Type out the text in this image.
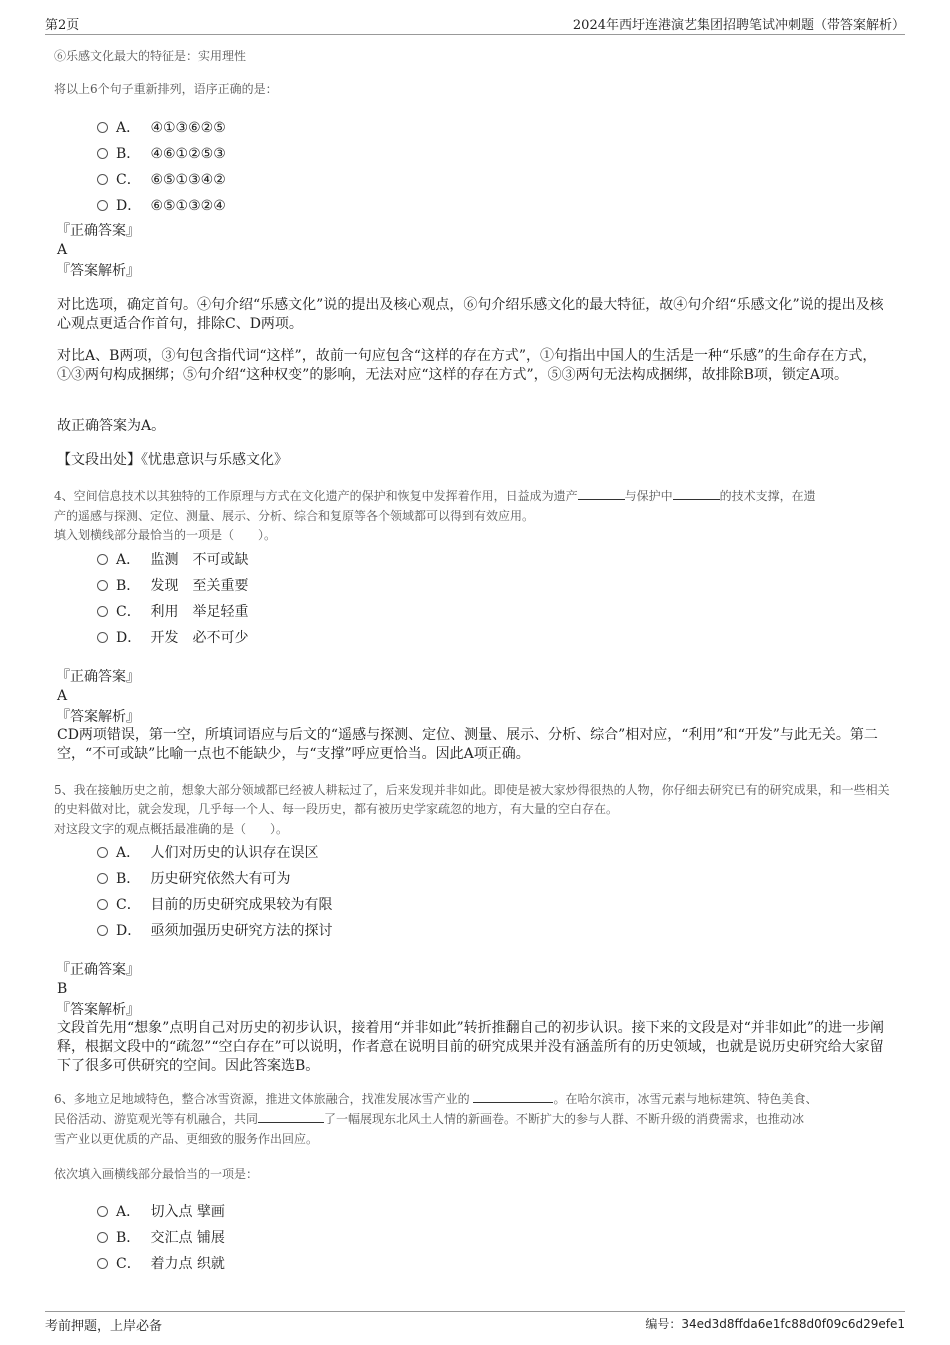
第2页	2024年西圩连港演艺集团招聘笔试冲刺题（带答案解析）
⑥乐感文化最大的特征是：实用理性
将以上6个句子重新排列，语序正确的是：
A． ④①③⑥②⑤
B． ④⑥①②⑤③
C． ⑥⑤①③④②
D． ⑥⑤①③②④
『正确答案』
A
『答案解析』
对比选项，确定首句。④句介绍“乐感文化”说的提出及核心观点，⑥句介绍乐感文化的最大特征，故④句介绍“乐感文化”说的提出及核心观点更适合作首句，排除C、D两项。
对比A、B两项，③句包含指代词“这样”，故前一句应包含“这样的存在方式”，①句指出中国人的生活是一种“乐感”的生命存在方式，①③两句构成捆绑；⑤句介绍“这种权变”的影响，无法对应“这样的存在方式”，⑤③两句无法构成捆绑，故排除B项，锁定A项。
故正确答案为A。
【文段出处】《忧患意识与乐感文化》
4、空间信息技术以其独特的工作原理与方式在文化遗产的保护和恢复中发挥着作用，日益成为遗产	与保护中	的技术支撑，在遗
产的遥感与探测、定位、测量、展示、分析、综合和复原等各个领域都可以得到有效应用。
填入划横线部分最恰当的一项是（　　）。
A． 监测　不可或缺
B． 发现　至关重要
C． 利用　举足轻重
D． 开发　必不可少
『正确答案』
A
『答案解析』
CD两项错误，第一空，所填词语应与后文的“遥感与探测、定位、测量、展示、分析、综合”相对应，“利用”和“开发”与此无关。第二空，“不可或缺”比喻一点也不能缺少，与“支撑”呼应更恰当。因此A项正确。
5、我在接触历史之前，想象大部分领域都已经被人耕耘过了，后来发现并非如此。即使是被大家炒得很热的人物，你仔细去研究已有的研究成果，和一些相关的史料做对比，就会发现，几乎每一个人、每一段历史，都有被历史学家疏忽的地方，有大量的空白存在。
对这段文字的观点概括最准确的是（　　）。
A． 人们对历史的认识存在误区
B． 历史研究依然大有可为
C． 目前的历史研究成果较为有限
D． 亟须加强历史研究方法的探讨
『正确答案』
B
『答案解析』
文段首先用“想象”点明自己对历史的初步认识，接着用“并非如此”转折推翻自己的初步认识。接下来的文段是对“并非如此”的进一步阐释，根据文段中的“疏忽”“空白存在”可以说明，作者意在说明目前的研究成果并没有涵盖所有的历史领域，也就是说历史研究给大家留下了很多可供研究的空间。因此答案选B。
6、多地立足地域特色，整合冰雪资源，推进文体旅融合，找准发展冰雪产业的	。在哈尔滨市，冰雪元素与地标建筑、特色美食、
民俗活动、游览观光等有机融合，共同	了一幅展现东北风土人情的新画卷。不断扩大的参与人群、不断升级的消费需求，也推动冰
雪产业以更优质的产品、更细致的服务作出回应。
依次填入画横线部分最恰当的一项是：
A． 切入点 擘画
B． 交汇点 铺展
C． 着力点 织就
考前押题，上岸必备	编号：34ed3d8ffda6e1fc88d0f09c6d29efe1
